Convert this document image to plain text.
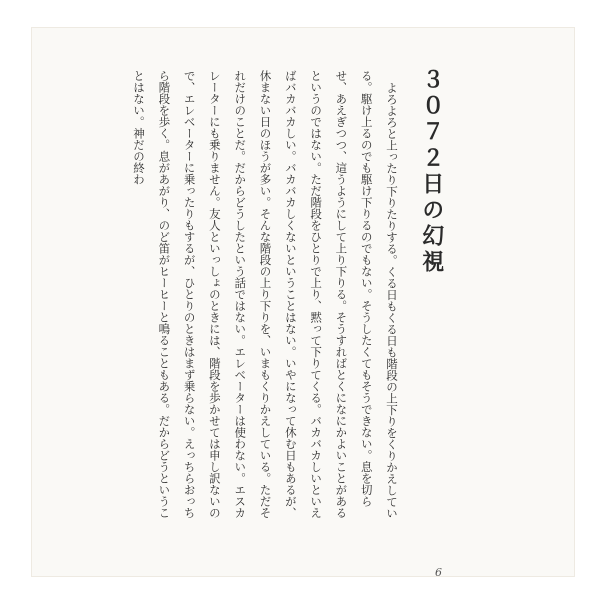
３０７２日の幻視

よろよろと上ったり下りたりする。くる日もくる日も階段の上下りをくりかえしている。駆け上るのでも駆け下りるのでもない。そうしたくてもそうできない。息を切らせ、あえぎつつ、這うようにして上り下りる。そうすればとくになにかよいことがあるというのではない。ただ階段をひとりで上り、黙って下りてくる。バカバカしいといえばバカバカしい。バカバカしくないということはない。いやになって休む日もあるが、休まない日のほうが多い。そんな階段の上り下りを、いまもくりかえしている。ただそれだけのことだ。だからどうしたという話ではない。エレベーターは使わない。エスカレーターにも乗りません。友人といっしょのときには、階段を歩かせては申し訳ないので、エレベーターに乗ったりもするが、ひとりのときはまず乗らない。えっちらおっちら階段を歩く。息があがり、のど笛がヒーヒーと鳴ることもある。だからどうということはない。神だの終わ

6
